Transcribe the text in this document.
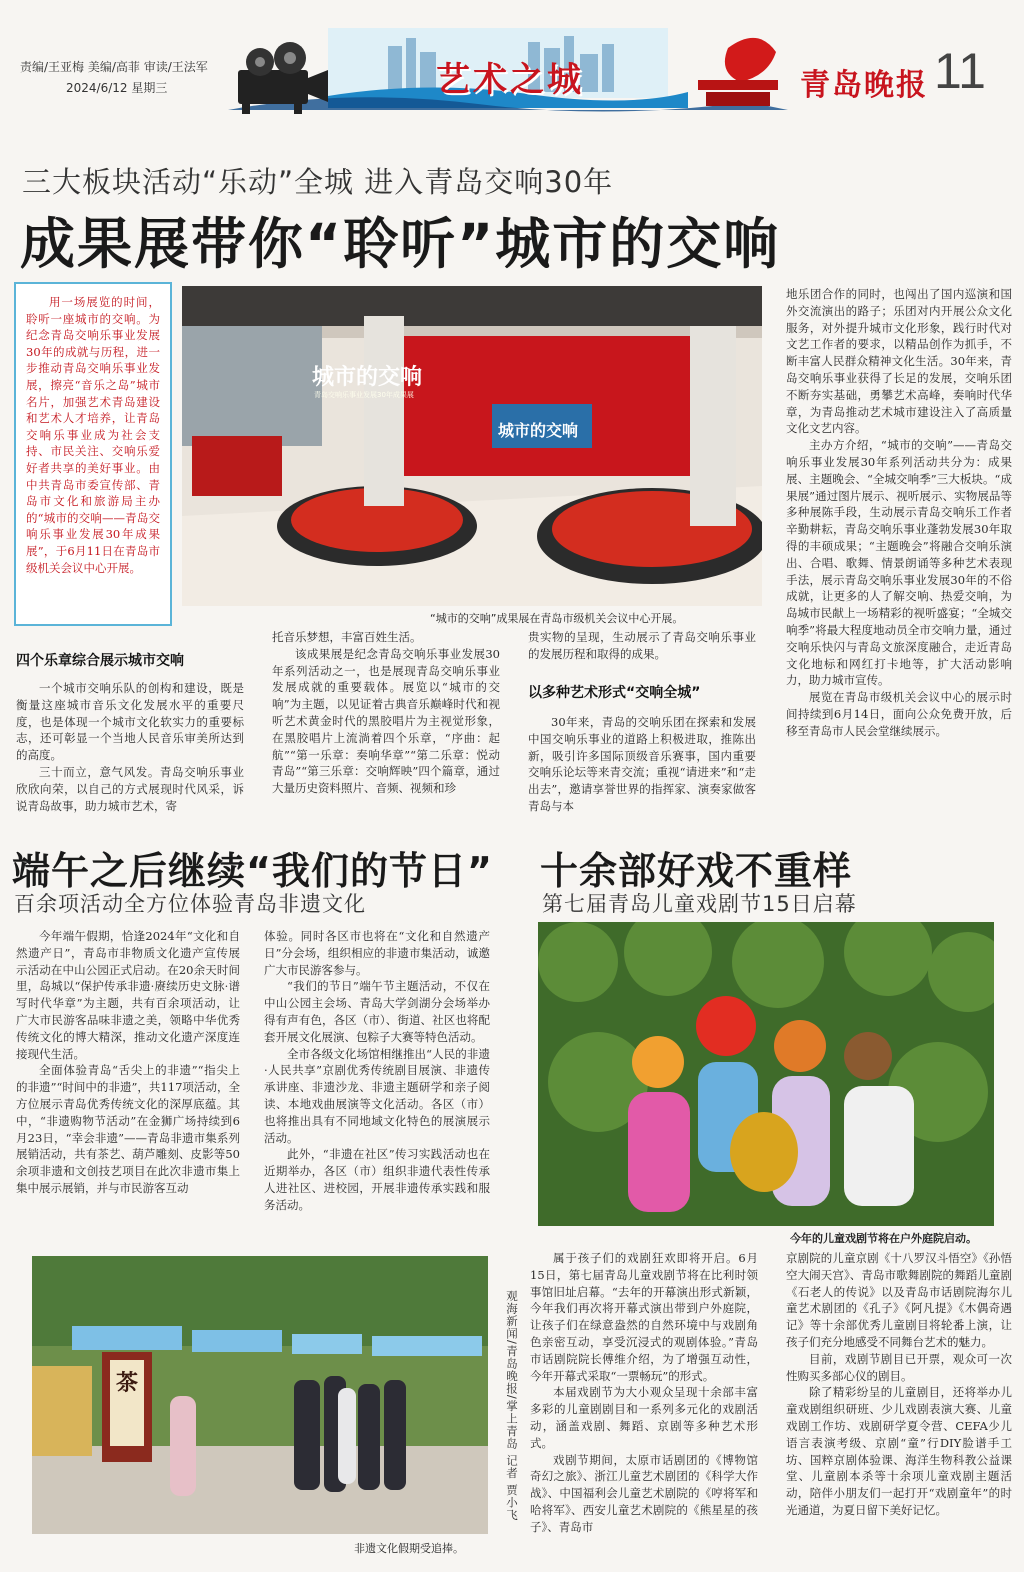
责编/王亚梅 美编/高菲 审读/王法军
2024/6/12 星期三	艺术之城	青岛晚报 11
三大板块活动“乐动”全城 进入青岛交响30年
成果展带你“聆听”城市的交响
用一场展览的时间，聆听一座城市的交响。为纪念青岛交响乐事业发展30年的成就与历程，进一步推动青岛交响乐事业发展，擦亮“音乐之岛”城市名片，加强艺术青岛建设和艺术人才培养，让青岛交响乐事业成为社会支持、市民关注、交响乐爱好者共享的美好事业。由中共青岛市委宣传部、青岛市文化和旅游局主办的“城市的交响——青岛交响乐事业发展30年成果展”，于6月11日在青岛市级机关会议中心开展。
城市的交响
青岛交响乐事业发展30年成果展
城市的交响
“城市的交响”成果展在青岛市级机关会议中心开展。
四个乐章综合展示城市交响

一个城市交响乐队的创构和建设，既是衡量这座城市音乐文化发展水平的重要尺度，也是体现一个城市文化软实力的重要标志，还可彰显一个当地人民音乐审美所达到的高度。

三十而立，意气风发。青岛交响乐事业欣欣向荣，以自己的方式展现时代风采，诉说青岛故事，助力城市艺术，寄

托音乐梦想，丰富百姓生活。

该成果展是纪念青岛交响乐事业发展30年系列活动之一，也是展现青岛交响乐事业发展成就的重要载体。展览以“城市的交响”为主题，以见证着古典音乐巅峰时代和视听艺术黄金时代的黑胶唱片为主视觉形象，在黑胶唱片上流淌着四个乐章，“序曲：起航”“第一乐章：奏响华章”“第二乐章：悦动青岛”“第三乐章：交响辉映”四个篇章，通过大量历史资料照片、音频、视频和珍

贵实物的呈现，生动展示了青岛交响乐事业的发展历程和取得的成果。

以多种艺术形式“交响全城”

30年来，青岛的交响乐团在探索和发展中国交响乐事业的道路上积极进取，推陈出新，吸引许多国际顶级音乐赛事，国内重要交响乐论坛等来青交流；重视“请进来”和“走出去”，邀请享誉世界的指挥家、演奏家做客青岛与本

地乐团合作的同时，也闯出了国内巡演和国外交流演出的路子；乐团对内开展公众文化服务，对外提升城市文化形象，践行时代对文艺工作者的要求，以精品创作为抓手，不断丰富人民群众精神文化生活。30年来，青岛交响乐事业获得了长足的发展，交响乐团不断夯实基础，勇攀艺术高峰，奏响时代华章，为青岛推动艺术城市建设注入了高质量文化文艺内容。

主办方介绍，“城市的交响”——青岛交响乐事业发展30年系列活动共分为：成果展、主题晚会、“全城交响季”三大板块。“成果展”通过图片展示、视听展示、实物展品等多种展陈手段，生动展示青岛交响乐工作者辛勤耕耘，青岛交响乐事业蓬勃发展30年取得的丰硕成果；“主题晚会”将融合交响乐演出、合唱、歌舞、情景朗诵等多种艺术表现手法，展示青岛交响乐事业发展30年的不俗成就，让更多的人了解交响、热爱交响，为岛城市民献上一场精彩的视听盛宴；“全城交响季”将最大程度地动员全市交响力量，通过交响乐快闪与青岛文旅深度融合，走近青岛文化地标和网红打卡地等，扩大活动影响力，助力城市宣传。

展览在青岛市级机关会议中心的展示时间持续到6月14日，面向公众免费开放，后移至青岛市人民会堂继续展示。

端午之后继续“我们的节日”
百余项活动全方位体验青岛非遗文化

今年端午假期，恰逢2024年“文化和自然遗产日”，青岛市非物质文化遗产宣传展示活动在中山公园正式启动。在20余天时间里，岛城以“保护传承非遗·赓续历史文脉·谱写时代华章”为主题，共有百余项活动，让广大市民游客品味非遗之美，领略中华优秀传统文化的博大精深，推动文化遗产深度连接现代生活。

全面体验青岛“舌尖上的非遗”“指尖上的非遗”“时间中的非遗”，共117项活动，全方位展示青岛优秀传统文化的深厚底蕴。其中，“非遗购物节活动”在金狮广场持续到6月23日，“幸会非遗”——青岛非遗市集系列展销活动，共有茶艺、葫芦雕刻、皮影等50余项非遗和文创技艺项目在此次非遗市集上集中展示展销，并与市民游客互动

体验。同时各区市也将在“文化和自然遗产日”分会场，组织相应的非遗市集活动，诚邀广大市民游客参与。

“我们的节日”端午节主题活动，不仅在中山公园主会场、青岛大学剑湖分会场举办得有声有色，各区（市）、街道、社区也将配套开展文化展演、包粽子大赛等特色活动。

全市各级文化场馆相继推出“人民的非遗·人民共享”京剧优秀传统剧目展演、非遗传承讲座、非遗沙龙、非遗主题研学和亲子阅读、本地戏曲展演等文化活动。各区（市）也将推出具有不同地域文化特色的展演展示活动。

此外，“非遗在社区”传习实践活动也在近期举办，各区（市）组织非遗代表性传承人进社区、进校园，开展非遗传承实践和服务活动。

茶
非遗文化假期受追捧。
观海新闻/青岛晚报/掌上青岛 记者 贾小飞
十余部好戏不重样
第七届青岛儿童戏剧节15日启幕
今年的儿童戏剧节将在户外庭院启动。

属于孩子们的戏剧狂欢即将开启。6月15日，第七届青岛儿童戏剧节将在比利时领事馆旧址启幕。“去年的开幕演出形式新颖，今年我们再次将开幕式演出带到户外庭院，让孩子们在绿意盎然的自然环境中与戏剧角色亲密互动，享受沉浸式的观剧体验。”青岛市话剧院院长傅维介绍，为了增强互动性，今年开幕式采取“一票畅玩”的形式。

本届戏剧节为大小观众呈现十余部丰富多彩的儿童剧剧目和一系列多元化的戏剧活动，涵盖戏剧、舞蹈、京剧等多种艺术形式。

戏剧节期间，太原市话剧团的《博物馆奇幻之旅》、浙江儿童艺术剧团的《科学大作战》、中国福利会儿童艺术剧院的《哼将军和哈将军》、西安儿童艺术剧院的《熊星星的孩子》、青岛市

京剧院的儿童京剧《十八罗汉斗悟空》《孙悟空大闹天宫》、青岛市歌舞剧院的舞蹈儿童剧《石老人的传说》以及青岛市话剧院海尔儿童艺术剧团的《孔子》《阿凡提》《木偶奇遇记》等十余部优秀儿童剧目将轮番上演，让孩子们充分地感受不同舞台艺术的魅力。

目前，戏剧节剧目已开票，观众可一次性购买多部心仪的剧目。

除了精彩纷呈的儿童剧目，还将举办儿童戏剧组织研班、少儿戏剧表演大赛、儿童戏剧工作坊、戏剧研学夏令营、CEFA少儿语言表演考级、京剧“童”行DIY脸谱手工坊、国粹京剧体验课、海洋生物科教公益课堂、儿童剧本杀等十余项儿童戏剧主题活动，陪伴小朋友们一起打开“戏剧童年”的时光通道，为夏日留下美好记忆。
